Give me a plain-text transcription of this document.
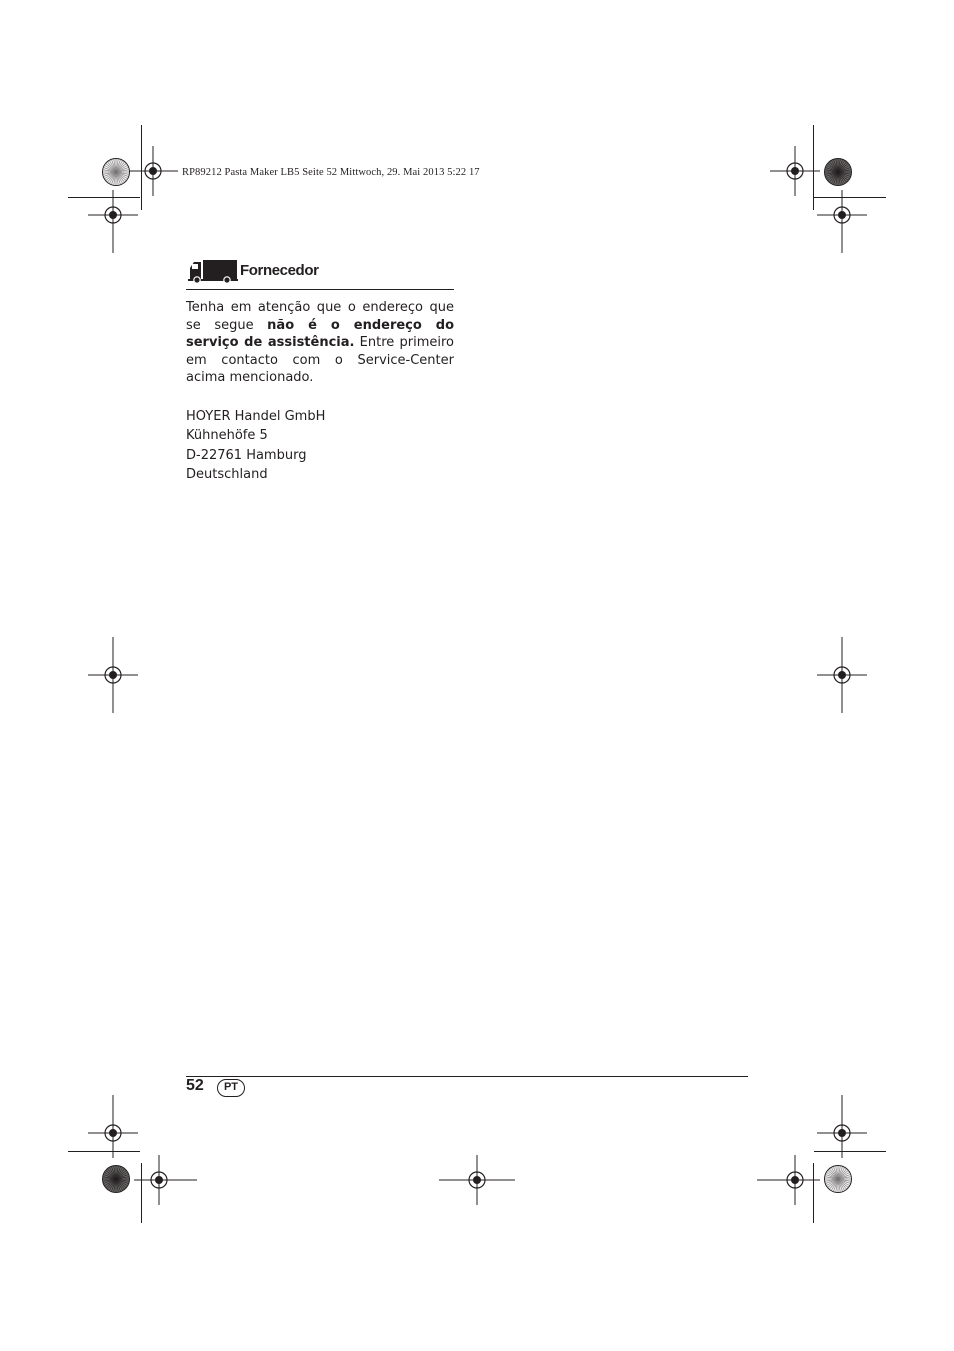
RP89212 Pasta Maker LB5 Seite 52 Mittwoch, 29. Mai 2013 5:22 17
Fornecedor
Tenha em atenção que o endereço que se segue não é o endereço do serviço de assistência. Entre primeiro em contacto com o Service-Center acima mencionado.
HOYER Handel GmbH
Kühnehöfe 5
D-22761 Hamburg
Deutschland
52	PT
